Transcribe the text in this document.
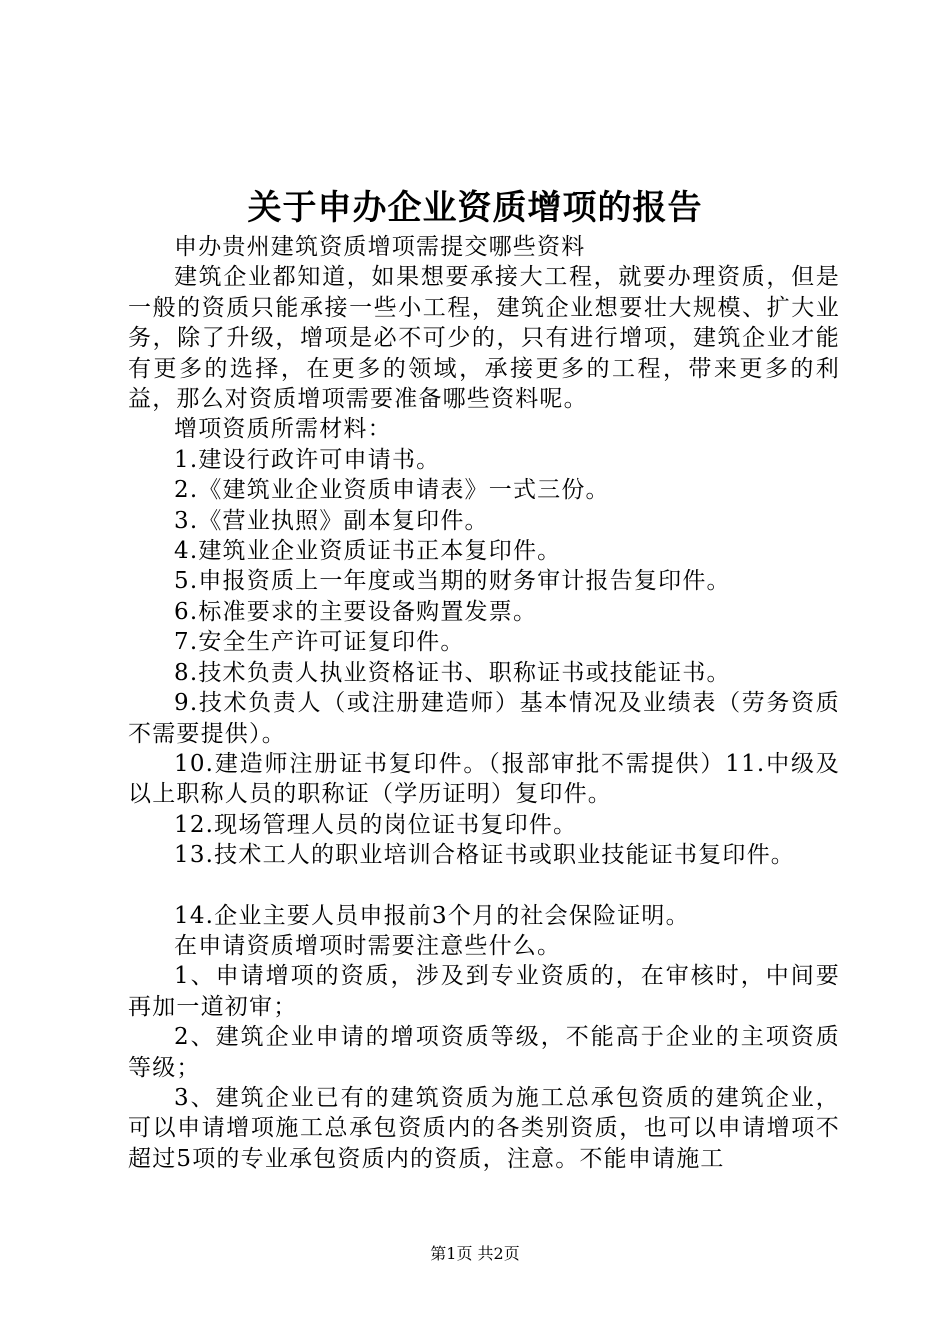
关于申办企业资质增项的报告

申办贵州建筑资质增项需提交哪些资料

建筑企业都知道，如果想要承接大工程，就要办理资质，但是一般的资质只能承接一些小工程，建筑企业想要壮大规模、扩大业务，除了升级，增项是必不可少的，只有进行增项，建筑企业才能有更多的选择，在更多的领域，承接更多的工程，带来更多的利益，那么对资质增项需要准备哪些资料呢。

增项资质所需材料：

1.建设行政许可申请书。

2.《建筑业企业资质申请表》一式三份。

3.《营业执照》副本复印件。

4.建筑业企业资质证书正本复印件。

5.申报资质上一年度或当期的财务审计报告复印件。

6.标准要求的主要设备购置发票。

7.安全生产许可证复印件。

8.技术负责人执业资格证书、职称证书或技能证书。

9.技术负责人（或注册建造师）基本情况及业绩表（劳务资质不需要提供）。

10.建造师注册证书复印件。（报部审批不需提供）11.中级及以上职称人员的职称证（学历证明）复印件。

12.现场管理人员的岗位证书复印件。

13.技术工人的职业培训合格证书或职业技能证书复印件。

14.企业主要人员申报前3个月的社会保险证明。

在申请资质增项时需要注意些什么。

1、申请增项的资质，涉及到专业资质的，在审核时，中间要再加一道初审；

2、建筑企业申请的增项资质等级，不能高于企业的主项资质等级；

3、建筑企业已有的建筑资质为施工总承包资质的建筑企业，可以申请增项施工总承包资质内的各类别资质，也可以申请增项不超过5项的专业承包资质内的资质，注意。不能申请施工

第1页 共2页
